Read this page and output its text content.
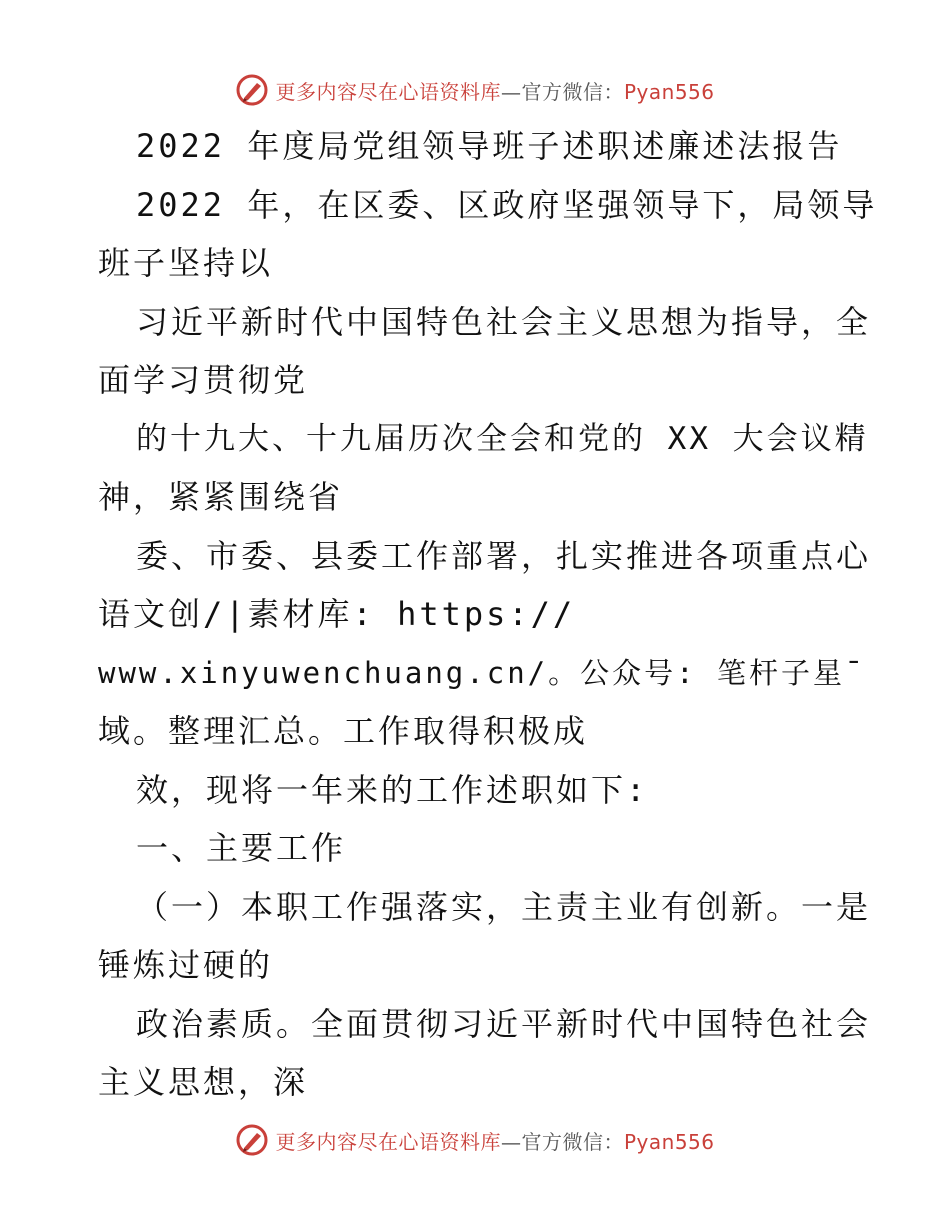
更多内容尽在心语资料库—官方微信：Pyan556
2022 年度局党组领导班子述职述廉述法报告
2022 年，在区委、区政府坚强领导下，局领导
班子坚持以
习近平新时代中国特色社会主义思想为指导，全
面学习贯彻党
的十九大、十九届历次全会和党的 XX 大会议精
神，紧紧围绕省
委、市委、县委工作部署，扎实推进各项重点心
语文创/|素材库: https://
www.xinyuwenchuang.cn/。公众号: 笔杆子星¯
域。整理汇总。工作取得积极成
效，现将一年来的工作述职如下:
一、主要工作
（一）本职工作强落实，主责主业有创新。一是
锤炼过硬的
政治素质。全面贯彻习近平新时代中国特色社会
主义思想，深
更多内容尽在心语资料库—官方微信：Pyan556
